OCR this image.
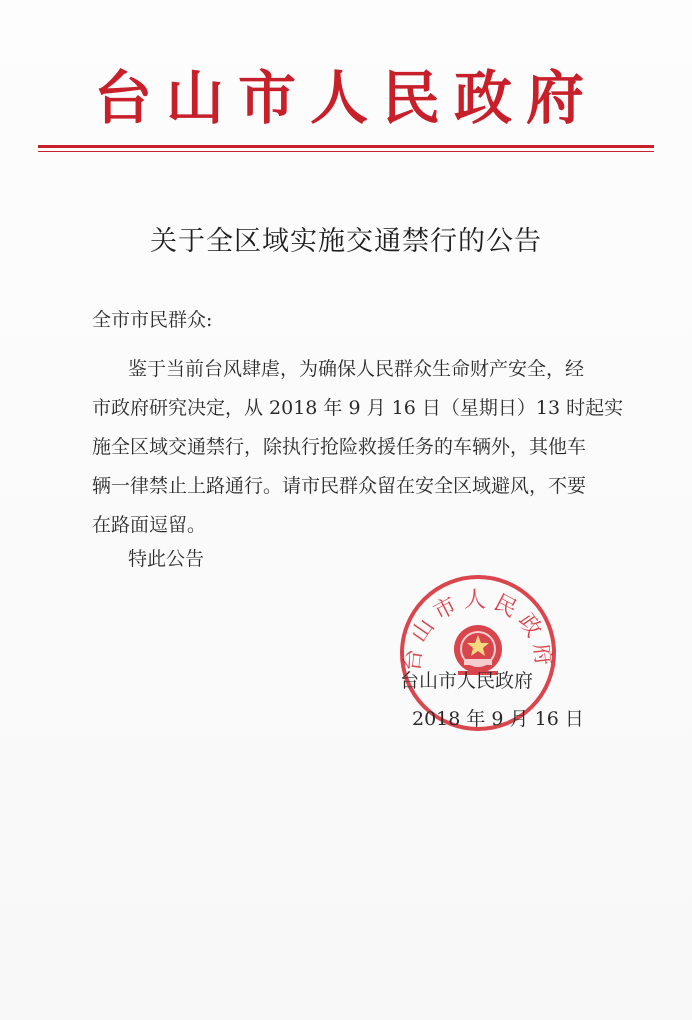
台山市人民政府
关于全区域实施交通禁行的公告
全市市民群众:
鉴于当前台风肆虐，为确保人民群众生命财产安全，经
市政府研究决定，从 2018 年 9 月 16 日（星期日）13 时起实
施全区域交通禁行，除执行抢险救援任务的车辆外，其他车
辆一律禁止上路通行。请市民群众留在安全区域避风，不要
在路面逗留。
特此公告
台山市人民政府
台山市人民政府
2018 年 9 月 16 日
